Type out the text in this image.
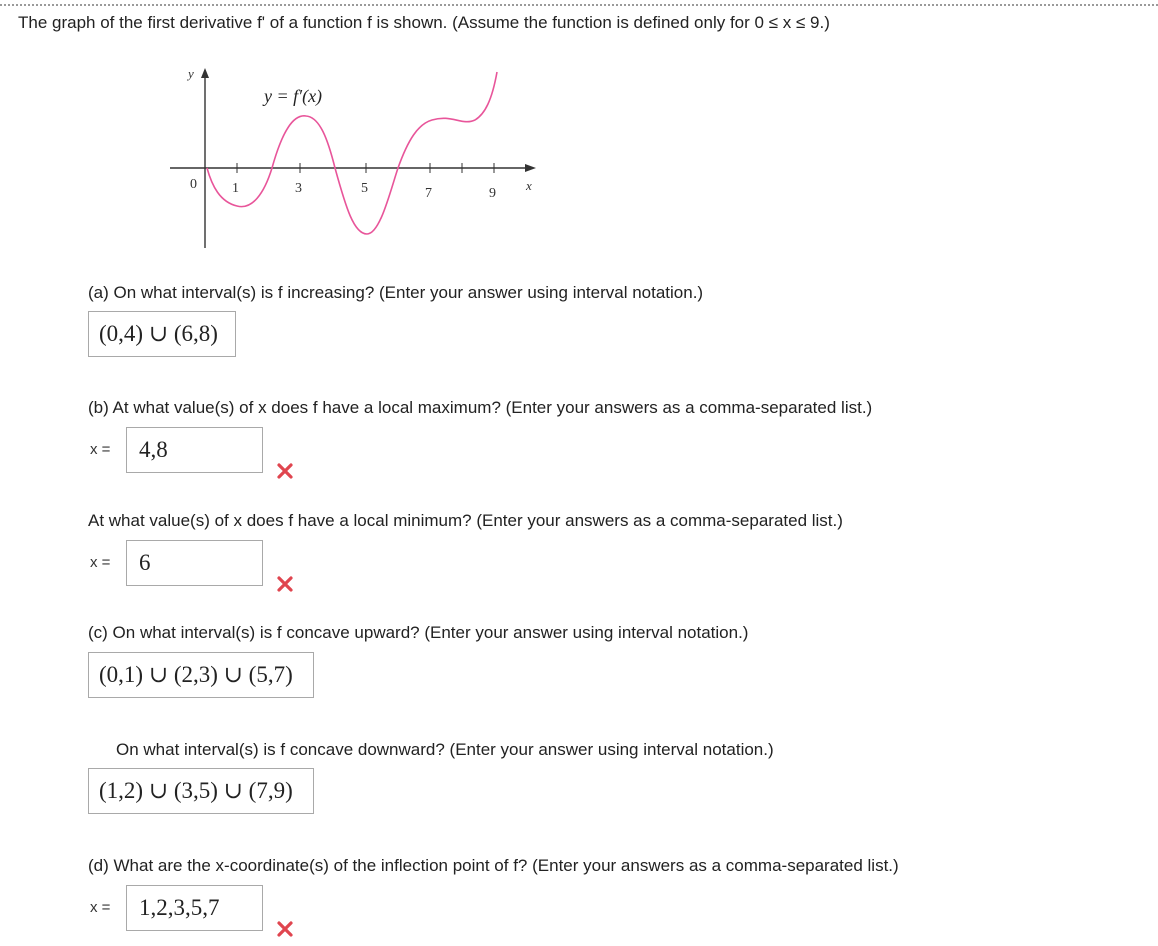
The graph of the first derivative f' of a function f is shown. (Assume the function is defined only for 0 ≤ x ≤ 9.)
y
x
0	1	3	5	7	9
y = f′(x)
(a) On what interval(s) is f increasing? (Enter your answer using interval notation.)
(0,4) ∪ (6,8)
(b) At what value(s) of x does f have a local maximum? (Enter your answers as a comma-separated list.)
x =	4,8
At what value(s) of x does f have a local minimum? (Enter your answers as a comma-separated list.)
x =	6
(c) On what interval(s) is f concave upward? (Enter your answer using interval notation.)
(0,1) ∪ (2,3) ∪ (5,7)
On what interval(s) is f concave downward? (Enter your answer using interval notation.)
(1,2) ∪ (3,5) ∪ (7,9)
(d) What are the x-coordinate(s) of the inflection point of f? (Enter your answers as a comma-separated list.)
x =	1,2,3,5,7
